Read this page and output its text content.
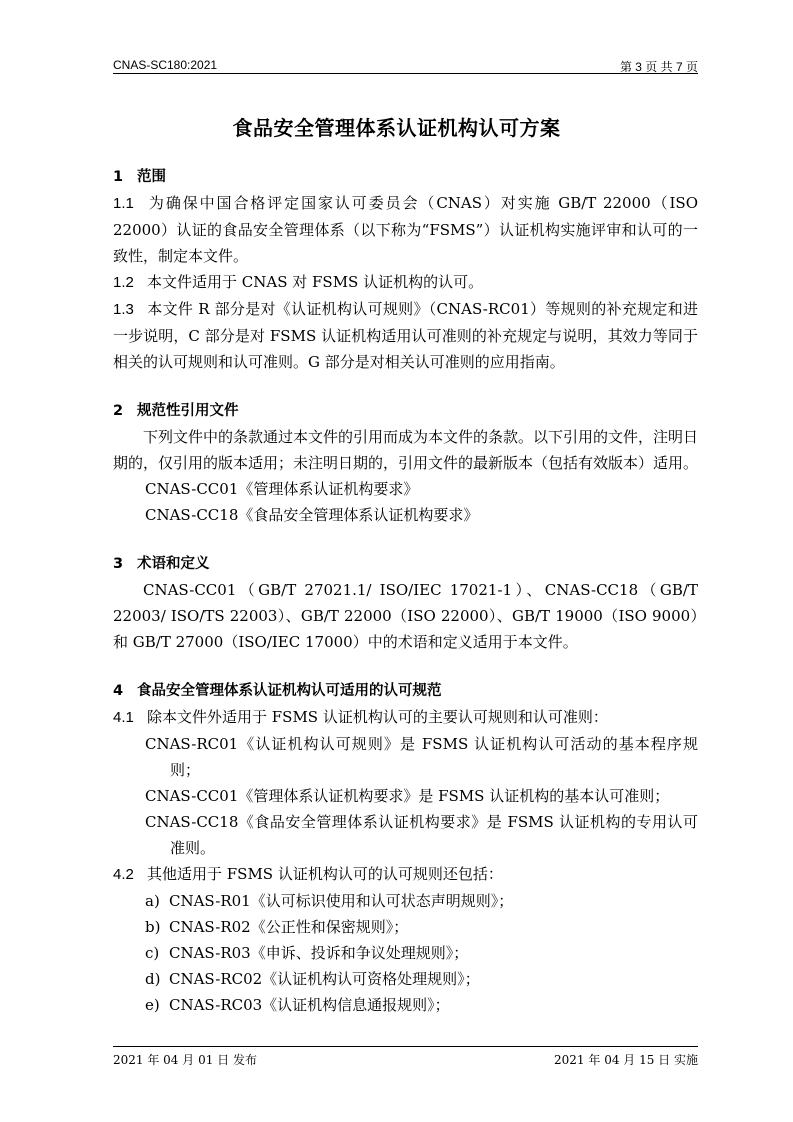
CNAS-SC180:2021	第 3 页 共 7 页
食品安全管理体系认证机构认可方案

1 范围

1.1 为确保中国合格评定国家认可委员会（CNAS）对实施 GB/T 22000（ISO 22000）认证的食品安全管理体系（以下称为“FSMS”）认证机构实施评审和认可的一致性，制定本文件。

1.2 本文件适用于 CNAS 对 FSMS 认证机构的认可。

1.3 本文件 R 部分是对《认证机构认可规则》（CNAS-RC01）等规则的补充规定和进一步说明，C 部分是对 FSMS 认证机构适用认可准则的补充规定与说明，其效力等同于相关的认可规则和认可准则。G 部分是对相关认可准则的应用指南。

2 规范性引用文件

下列文件中的条款通过本文件的引用而成为本文件的条款。以下引用的文件，注明日期的，仅引用的版本适用；未注明日期的，引用文件的最新版本（包括有效版本）适用。

CNAS-CC01《管理体系认证机构要求》

CNAS-CC18《食品安全管理体系认证机构要求》

3 术语和定义

CNAS-CC01（GB/T 27021.1/ ISO/IEC 17021-1）、CNAS-CC18（GB/T 22003/ ISO/TS 22003）、GB/T 22000（ISO 22000）、GB/T 19000（ISO 9000）和 GB/T 27000（ISO/IEC 17000）中的术语和定义适用于本文件。

4 食品安全管理体系认证机构认可适用的认可规范

4.1 除本文件外适用于 FSMS 认证机构认可的主要认可规则和认可准则：

CNAS-RC01《认证机构认可规则》是 FSMS 认证机构认可活动的基本程序规则；

CNAS-CC01《管理体系认证机构要求》是 FSMS 认证机构的基本认可准则；

CNAS-CC18《食品安全管理体系认证机构要求》是 FSMS 认证机构的专用认可准则。

4.2 其他适用于 FSMS 认证机构认可的认可规则还包括：

a) CNAS-R01《认可标识使用和认可状态声明规则》；

b) CNAS-R02《公正性和保密规则》；

c) CNAS-R03《申诉、投诉和争议处理规则》；

d) CNAS-RC02《认证机构认可资格处理规则》；

e) CNAS-RC03《认证机构信息通报规则》；

2021 年 04 月 01 日 发布	2021 年 04 月 15 日 实施
